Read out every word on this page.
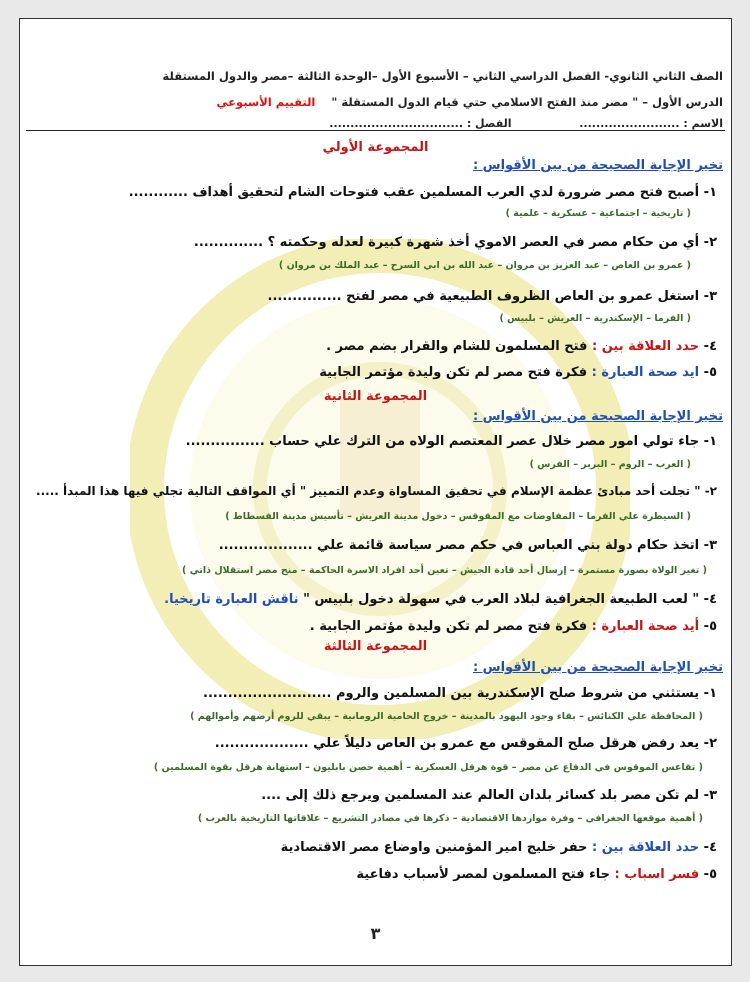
الصف الثاني الثانوي- الفصل الدراسي الثاني – الأسبوع الأول –الوحدة الثالثة –مصر والدول المستقلة
الدرس الأول – " مصر منذ الفتح الاسلامي حتي قيام الدول المستقلة " التقييم الأسبوعي
الاسم : ........................  الفصل : ................................
المجموعة الأولي
تخير الإجابة الصحيحة من بين الأقواس :
١- أصبح فتح مصر ضرورة لدي العرب المسلمين عقب فتوحات الشام لتحقيق أهداف ............
( تاريخية – اجتماعية – عسكرية – علمية )
٢- أي من حكام مصر في العصر الاموي أخذ شهرة كبيرة لعدله وحكمته ؟ ..............
( عمرو بن العاص – عبد العزيز بن مروان – عبد الله بن ابي السرح – عبد الملك بن مروان )
٣- استغل عمرو بن العاص الظروف الطبيعية في مصر لفتح ...............
( الفرما – الإسكندرية – العريش – بلبيس )
٤- حدد العلاقة بين : فتح المسلمون للشام والقرار بضم مصر .
٥- ايد صحة العبارة : فكرة فتح مصر لم تكن وليدة مؤتمر الجابية
المجموعة الثانية
تخير الإجابة الصحيحة من بين الأقواس :
١- جاء تولي امور مصر خلال عصر المعتصم الولاه من الترك علي حساب ................
( العرب – الروم – البربر – الفرس )
٢- " تجلت أحد مبادئ عظمة الإسلام في تحقيق المساواة وعدم التمييز " أي المواقف التالية تجلي فيها هذا المبدأ .....
( السيطرة علي الفرما – المفاوضات مع المقوقس – دخول مدينة العريش – تأسيس مدينة الفسطاط )
٣- اتخذ حكام دولة بني العباس في حكم مصر سياسة قائمة علي ...................
( تغير الولاة بصورة مستمرة – إرسال أحد قادة الجيش – تعين أحد افراد الاسرة الحاكمة – منح مصر استقلال ذاتي )
٤- " لعب الطبيعة الجغرافية لبلاد العرب في سهولة دخول بلبيس " ناقش العبارة تاريخيا.
٥- أيد صحة العبارة : فكرة فتح مصر لم تكن وليدة مؤتمر الجابية .
المجموعة الثالثة
تخير الإجابة الصحيحة من بين الأقواس :
١- يستثني من شروط صلح الإسكندرية بين المسلمين والروم ..........................
( المحافظة علي الكنائس – بقاء وجود اليهود بالمدينة – خروج الحامية الرومانية – يبقي للروم أرضهم وأموالهم )
٢- يعد رفض هرقل صلح المقوقس مع عمرو بن العاص دليلاً علي ...................
( تقاعس الموقوس في الدفاع عن مصر – قوة هرقل العسكرية – أهمية حصن بابليون – استهانة هرقل بقوة المسلمين )
٣- لم تكن مصر بلد كسائر بلدان العالم عند المسلمين ويرجع ذلك إلى ....
( أهمية موقعها الجغرافي – وفرة مواردها الاقتصادية – ذكرها في مصادر التشريع – علاقاتها التاريخية بالعرب )
٤- حدد العلاقة بين : حفر خليج امير المؤمنين واوضاع مصر الاقتصادية
٥- فسر اسباب : جاء فتح المسلمون لمصر لأسباب دفاعية
٣
